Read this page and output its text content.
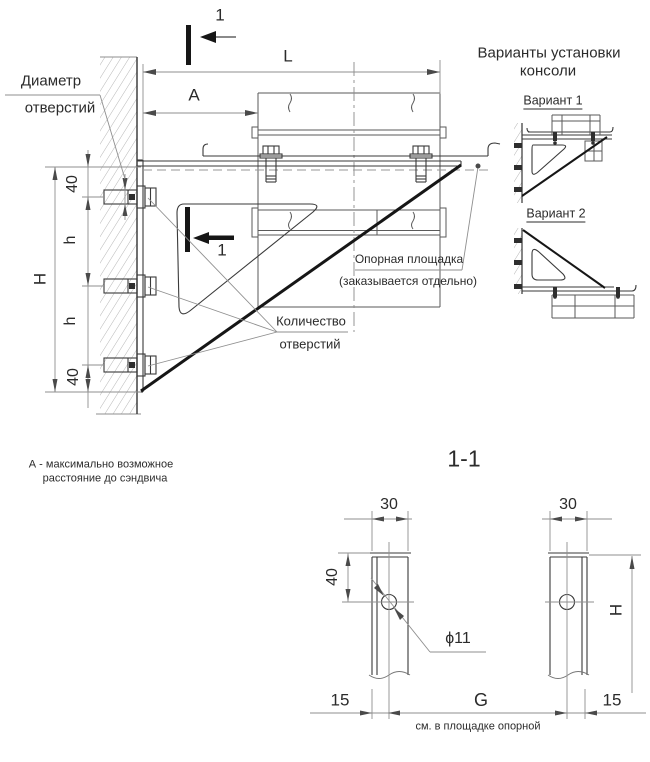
Диаметр
отверстий
1
1
L
A
40
h
H
h
40
Опорная площадка
(заказывается отдельно)
Количество
отверстий
Варианты установки
консоли
Вариант 1
Вариант 2
А - максимально возможное
расстояние до сэндвича
1-1
30	30
40
ϕ11
Н
15	G	15
см. в площадке опорной
